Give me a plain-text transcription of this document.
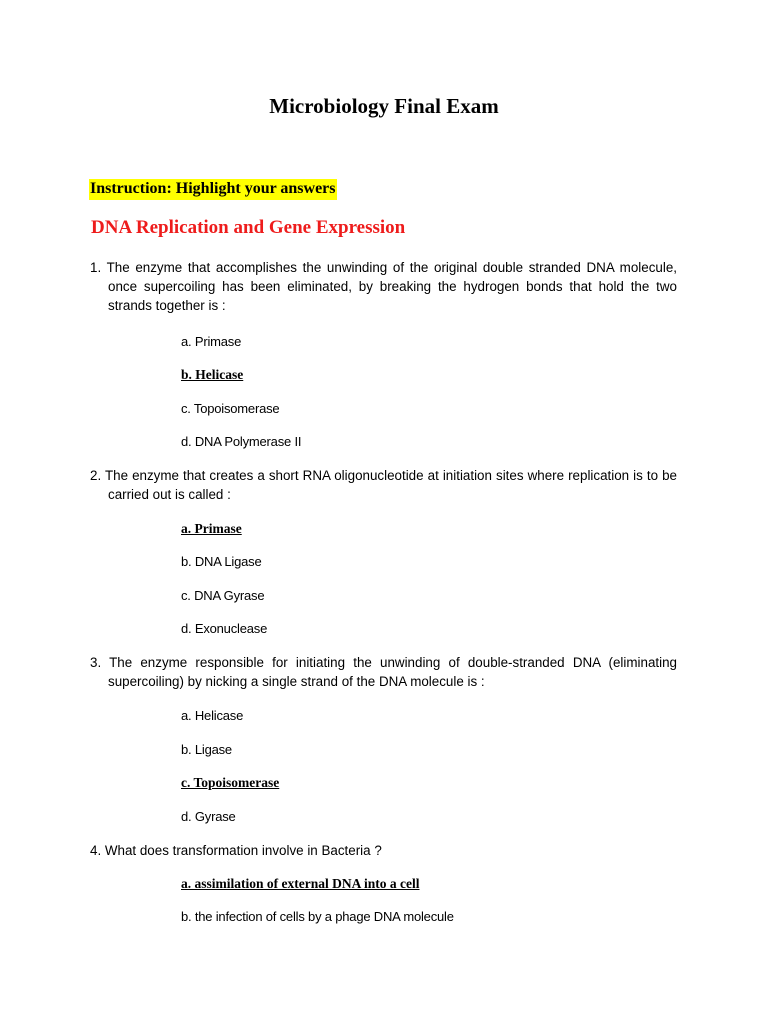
Microbiology Final Exam
Instruction: Highlight your answers
DNA Replication and Gene Expression
1. The enzyme that accomplishes the unwinding of the original double stranded DNA molecule, once supercoiling has been eliminated, by breaking the hydrogen bonds that hold the two strands together is :
a. Primase
b. Helicase
c. Topoisomerase
d. DNA Polymerase II
2. The enzyme that creates a short RNA oligonucleotide at initiation sites where replication is to be carried out is called :
a. Primase
b. DNA Ligase
c. DNA Gyrase
d. Exonuclease
3. The enzyme responsible for initiating the unwinding of double-stranded DNA (eliminating supercoiling) by nicking a single strand of the DNA molecule is :
a. Helicase
b. Ligase
c. Topoisomerase
d. Gyrase
4. What does transformation involve in Bacteria ?
a. assimilation of external DNA into a cell
b. the infection of cells by a phage DNA molecule
